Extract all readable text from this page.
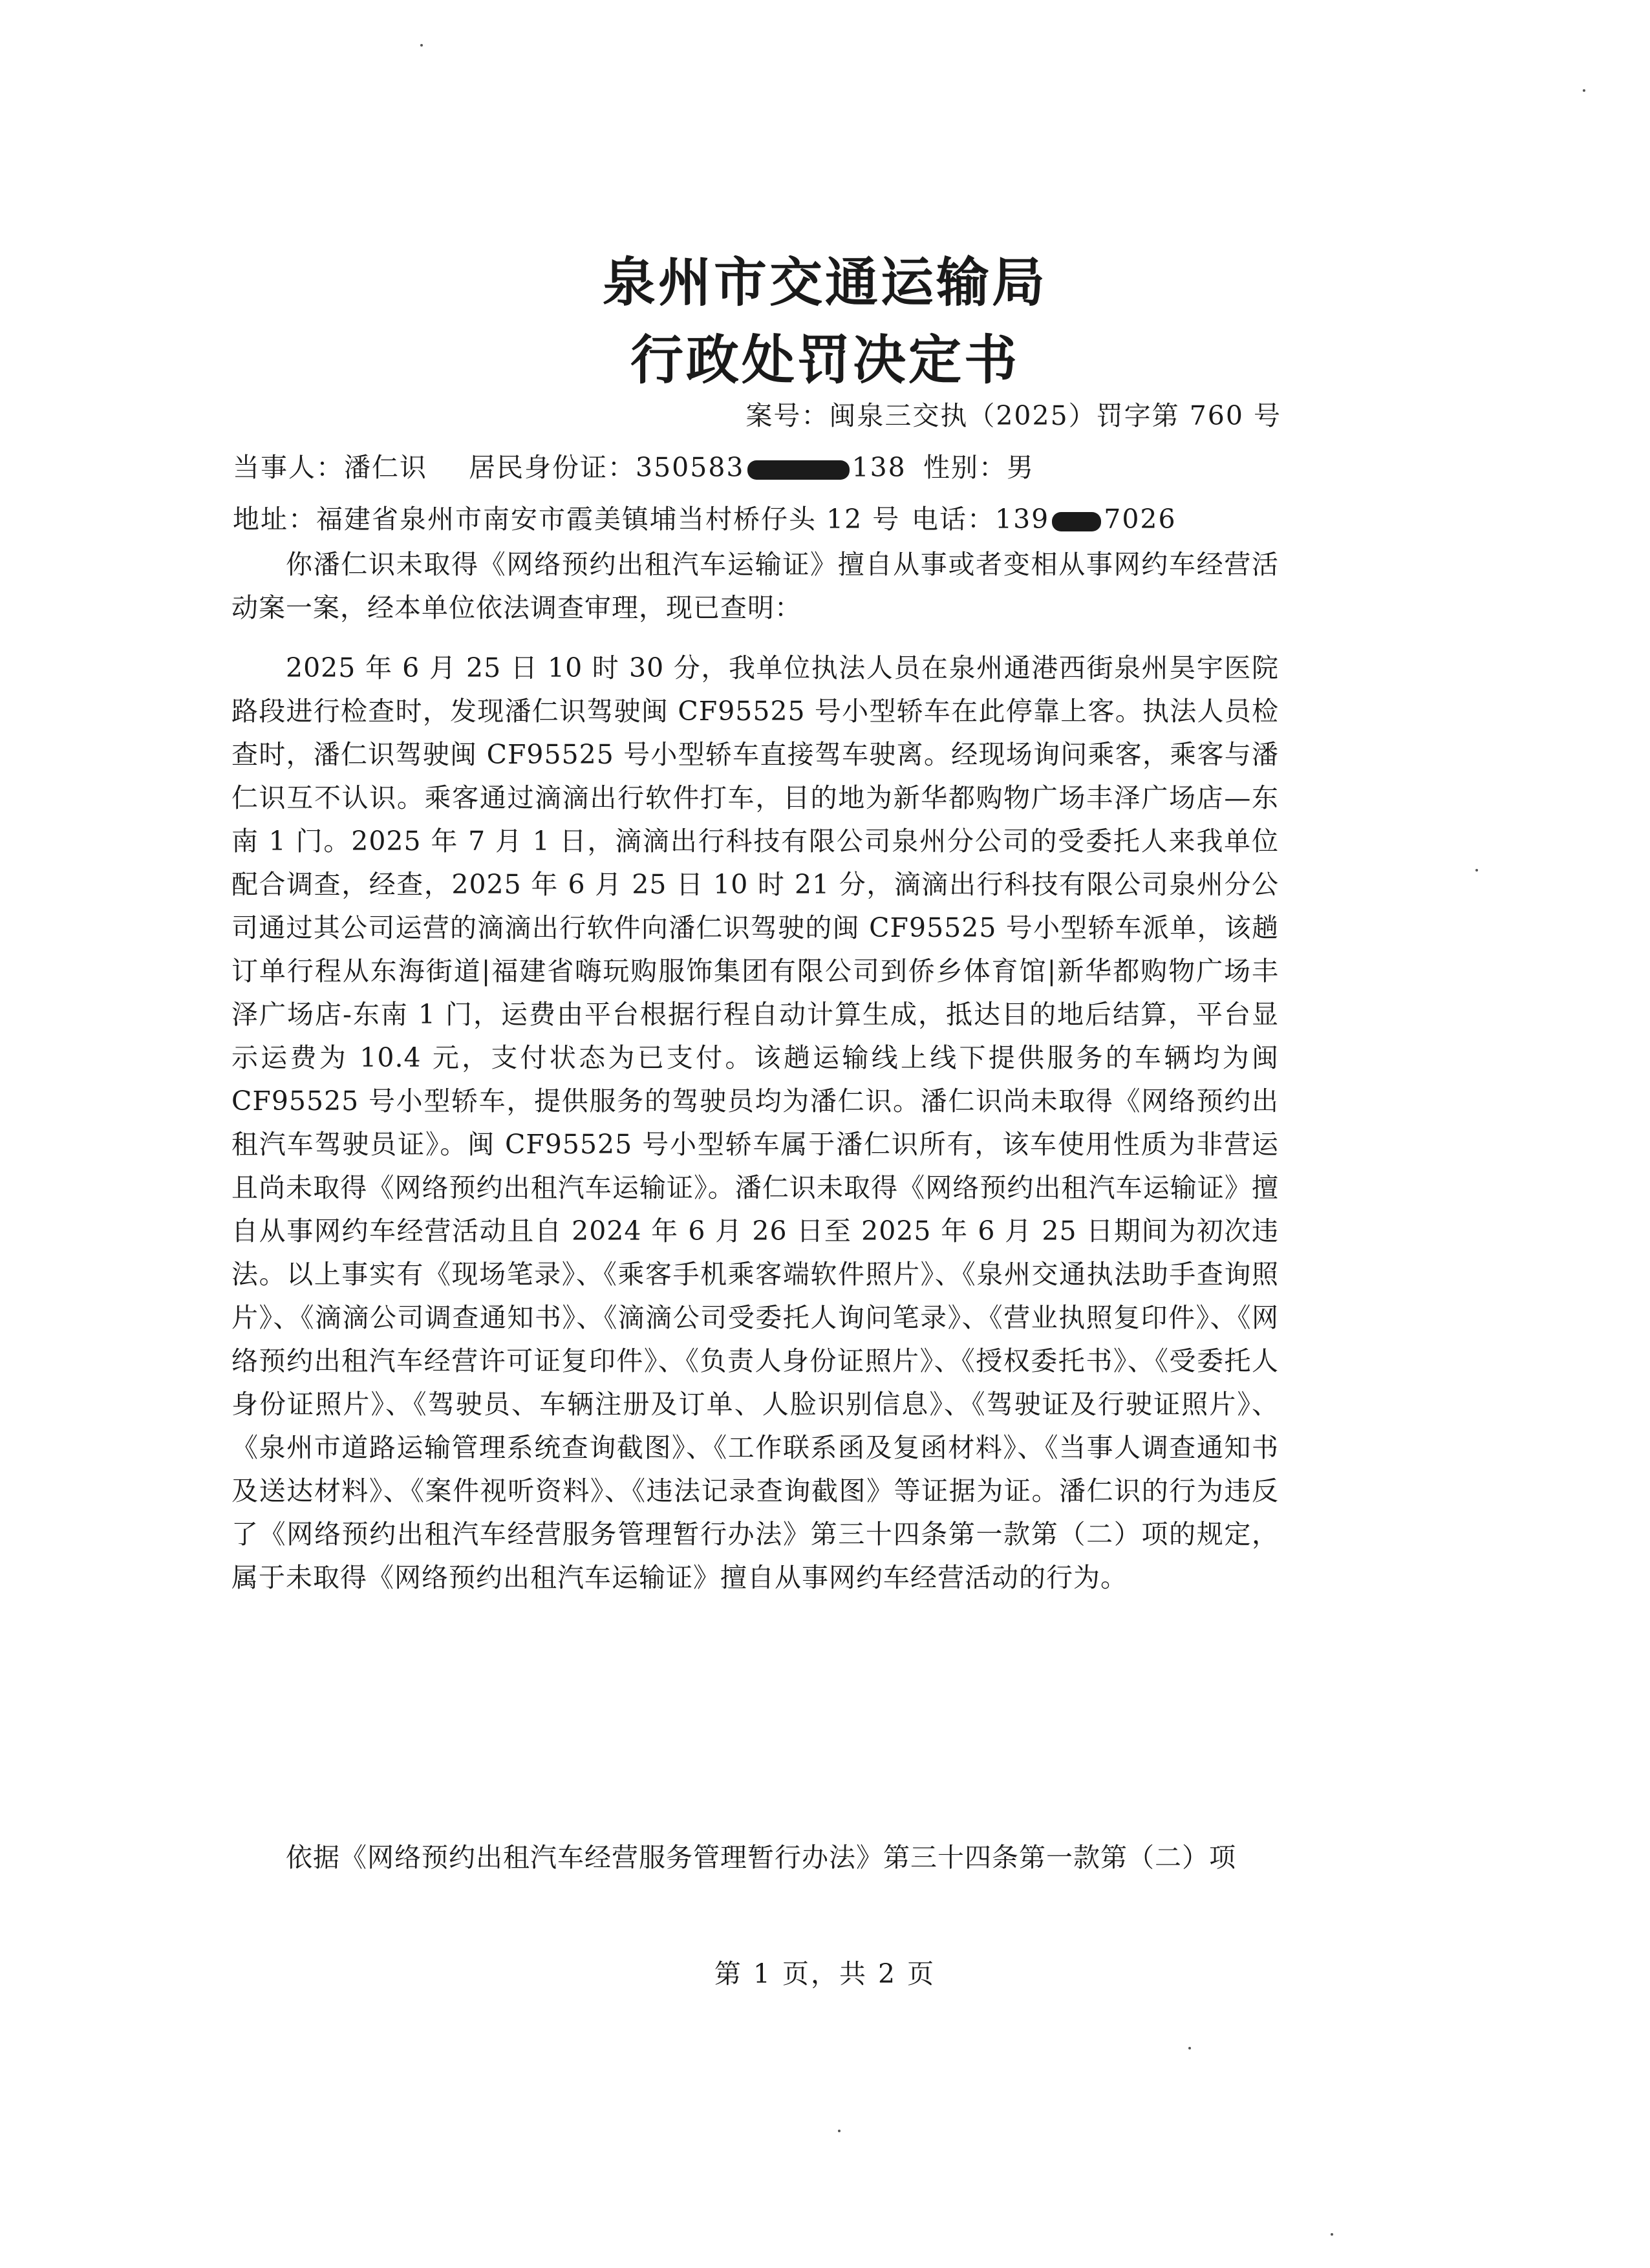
泉州市交通运输局
行政处罚决定书
案号：闽泉三交执（2025）罚字第 760 号
当事人：潘仁识 居民身份证：350583	138 性别：男
地址：福建省泉州市南安市霞美镇埔当村桥仔头 12 号 电话：139 7026

你潘仁识未取得《网络预约出租汽车运输证》擅自从事或者变相从事网约车经营活动案一案，经本单位依法调查审理，现已查明：

2025 年 6 月 25 日 10 时 30 分，我单位执法人员在泉州通港西街泉州昊宇医院路段进行检查时，发现潘仁识驾驶闽 CF95525 号小型轿车在此停靠上客。执法人员检查时，潘仁识驾驶闽 CF95525 号小型轿车直接驾车驶离。经现场询问乘客，乘客与潘仁识互不认识。乘客通过滴滴出行软件打车，目的地为新华都购物广场丰泽广场店—东南 1 门。2025 年 7 月 1 日，滴滴出行科技有限公司泉州分公司的受委托人来我单位配合调查，经查，2025 年 6 月 25 日 10 时 21 分，滴滴出行科技有限公司泉州分公司通过其公司运营的滴滴出行软件向潘仁识驾驶的闽 CF95525 号小型轿车派单，该趟订单行程从东海街道|福建省嗨玩购服饰集团有限公司到侨乡体育馆|新华都购物广场丰泽广场店-东南 1 门，运费由平台根据行程自动计算生成，抵达目的地后结算，平台显示运费为 10.4 元，支付状态为已支付。该趟运输线上线下提供服务的车辆均为闽 CF95525 号小型轿车，提供服务的驾驶员均为潘仁识。潘仁识尚未取得《网络预约出租汽车驾驶员证》。闽 CF95525 号小型轿车属于潘仁识所有，该车使用性质为非营运且尚未取得《网络预约出租汽车运输证》。潘仁识未取得《网络预约出租汽车运输证》擅自从事网约车经营活动且自 2024 年 6 月 26 日至 2025 年 6 月 25 日期间为初次违法。以上事实有《现场笔录》、《乘客手机乘客端软件照片》、《泉州交通执法助手查询照片》、《滴滴公司调查通知书》、《滴滴公司受委托人询问笔录》、《营业执照复印件》、《网络预约出租汽车经营许可证复印件》、《负责人身份证照片》、《授权委托书》、《受委托人身份证照片》、《驾驶员、车辆注册及订单、人脸识别信息》、《驾驶证及行驶证照片》、《泉州市道路运输管理系统查询截图》、《工作联系函及复函材料》、《当事人调查通知书及送达材料》、《案件视听资料》、《违法记录查询截图》等证据为证。潘仁识的行为违反了《网络预约出租汽车经营服务管理暂行办法》第三十四条第一款第（二）项的规定，属于未取得《网络预约出租汽车运输证》擅自从事网约车经营活动的行为。

依据《网络预约出租汽车经营服务管理暂行办法》第三十四条第一款第（二）项

第 1 页，共 2 页
